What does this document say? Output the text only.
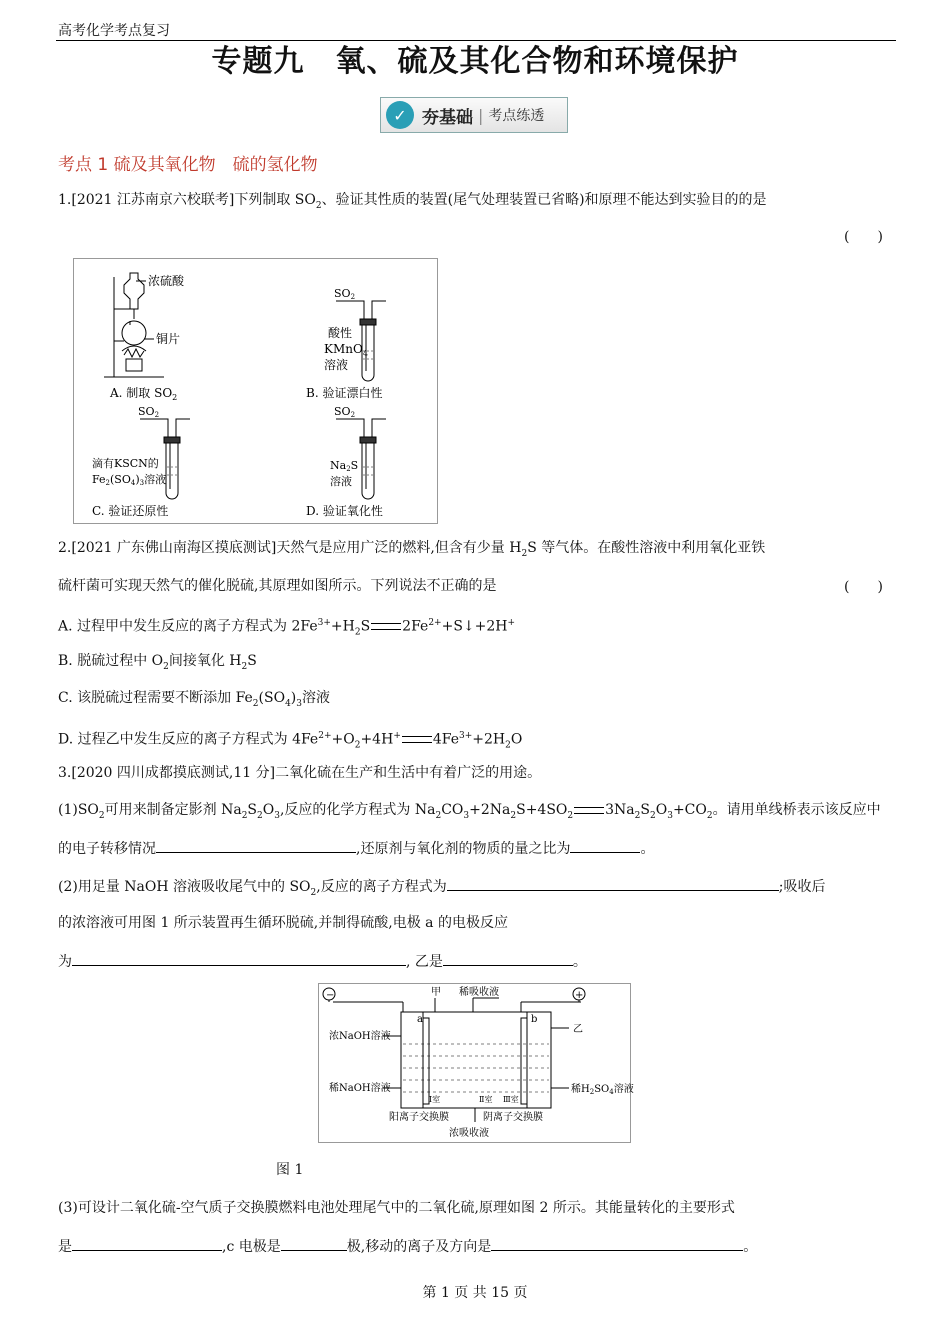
高考化学考点复习
专题九　氧、硫及其化合物和环境保护
✓ 夯基础 | 考点练透
考点 1 硫及其氧化物　硫的氢化物
1.[2021 江苏南京六校联考]下列制取 $SO_2$、验证其性质的装置(尾气处理装置已省略)和原理不能达到实验目的的是
(　　)
浓硫酸
铜片
A. 制取 $SO_2$
SO2
酸性
KMnO$_4$
溶液
B. 验证漂白性
SO2
滴有KSCN的
Fe2(SO4)3溶液
C. 验证还原性
SO2
Na2S
溶液
D. 验证氧化性
2.[2021 广东佛山南海区摸底测试]天然气是应用广泛的燃料,但含有少量 $H_2S$ 等气体。在酸性溶液中利用氧化亚铁
硫杆菌可实现天然气的催化脱硫,其原理如图所示。下列说法不正确的是	(　　)
A. 过程甲中发生反应的离子方程式为 $2Fe^{3+}+H_2S$ $2Fe^{2+}+S↓+2H^+$
B. 脱硫过程中 $O_2$间接氧化 $H_2S$
C. 该脱硫过程需要不断添加 $Fe_2(SO_4)_3$溶液
D. 过程乙中发生反应的离子方程式为 $4Fe^{2+}+O_2+4H^+$ $4Fe^{3+}+2H_2O$
3.[2020 四川成都摸底测试,11 分]二氧化硫在生产和生活中有着广泛的用途。
$(1)SO_2$可用来制备定影剂 $Na_2S_2O_3$,反应的化学方程式为 $Na_2CO_3+2Na_2S+4SO_2$ $3Na_2S_2O_3+CO_2$。请用单线桥表示该反应中
的电子转移情况	,还原剂与氧化剂的物质的量之比为	。
(2)用足量 NaOH 溶液吸收尾气中的 $SO_2$,反应的离子方程式为	;吸收后
的浓溶液可用图 1 所示装置再生循环脱硫,并制得硫酸,电极 a 的电极反应
为	, 乙是	。
−	+
甲 稀吸收液
乙
浓NaOH溶液
稀NaOH溶液	稀$H_2SO_4$溶液
a	b
Ⅰ室	Ⅱ室 Ⅲ室
阳离子交换膜	阴离子交换膜
浓吸收液
图 1
(3)可设计二氧化硫-空气质子交换膜燃料电池处理尾气中的二氧化硫,原理如图 2 所示。其能量转化的主要形式
是	,c 电极是	极,移动的离子及方向是	。
第 1 页 共 15 页
